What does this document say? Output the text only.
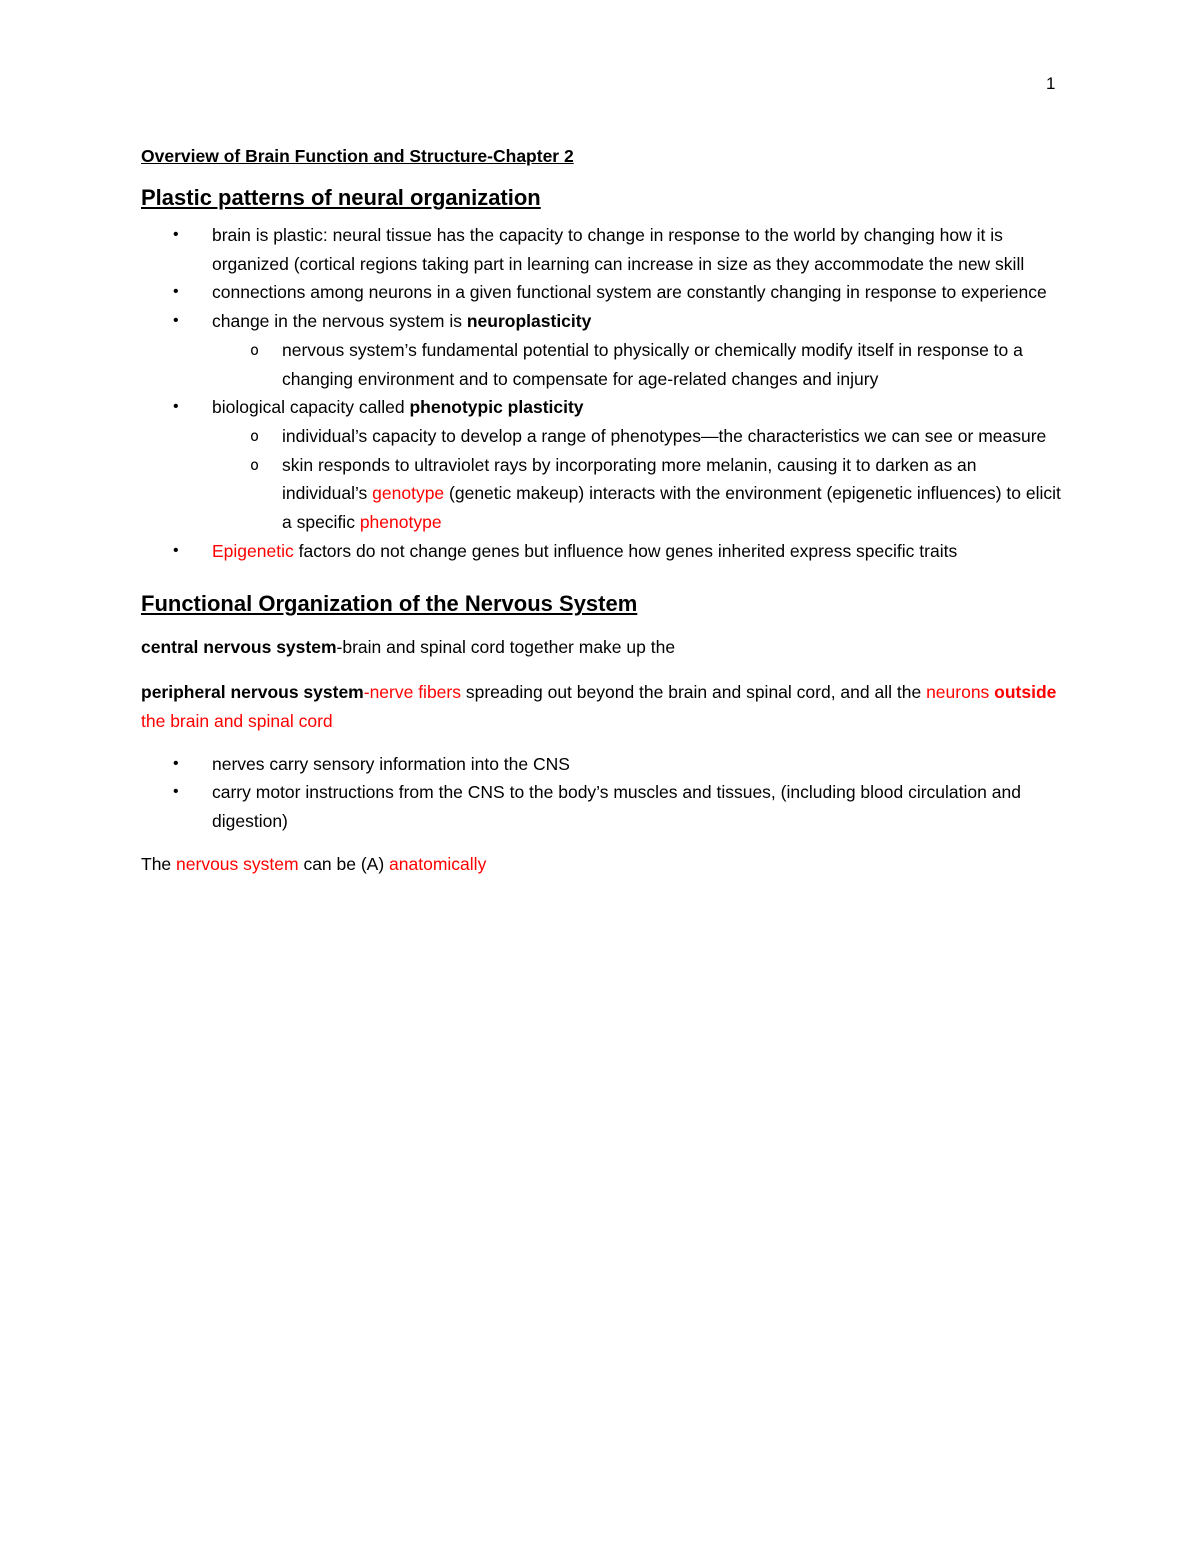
1
Overview of Brain Function and Structure-Chapter 2
Plastic patterns of neural organization
• brain is plastic: neural tissue has the capacity to change in response to the world by changing how it is organized (cortical regions taking part in learning can increase in size as they accommodate the new skill
• connections among neurons in a given functional system are constantly changing in response to experience
• change in the nervous system is neuroplasticity
o nervous system’s fundamental potential to physically or chemically modify itself in response to a changing environment and to compensate for age-related changes and injury
• biological capacity called phenotypic plasticity
o individual’s capacity to develop a range of phenotypes—the characteristics we can see or measure
o skin responds to ultraviolet rays by incorporating more melanin, causing it to darken as an individual’s genotype (genetic makeup) interacts with the environment (epigenetic influences) to elicit a specific phenotype
• Epigenetic factors do not change genes but influence how genes inherited express specific traits
Functional Organization of the Nervous System

central nervous system-brain and spinal cord together make up the

peripheral nervous system-nerve fibers spreading out beyond the brain and spinal cord, and all the neurons outside the brain and spinal cord

• nerves carry sensory information into the CNS
• carry motor instructions from the CNS to the body’s muscles and tissues, (including blood circulation and digestion)

The nervous system can be (A) anatomically
